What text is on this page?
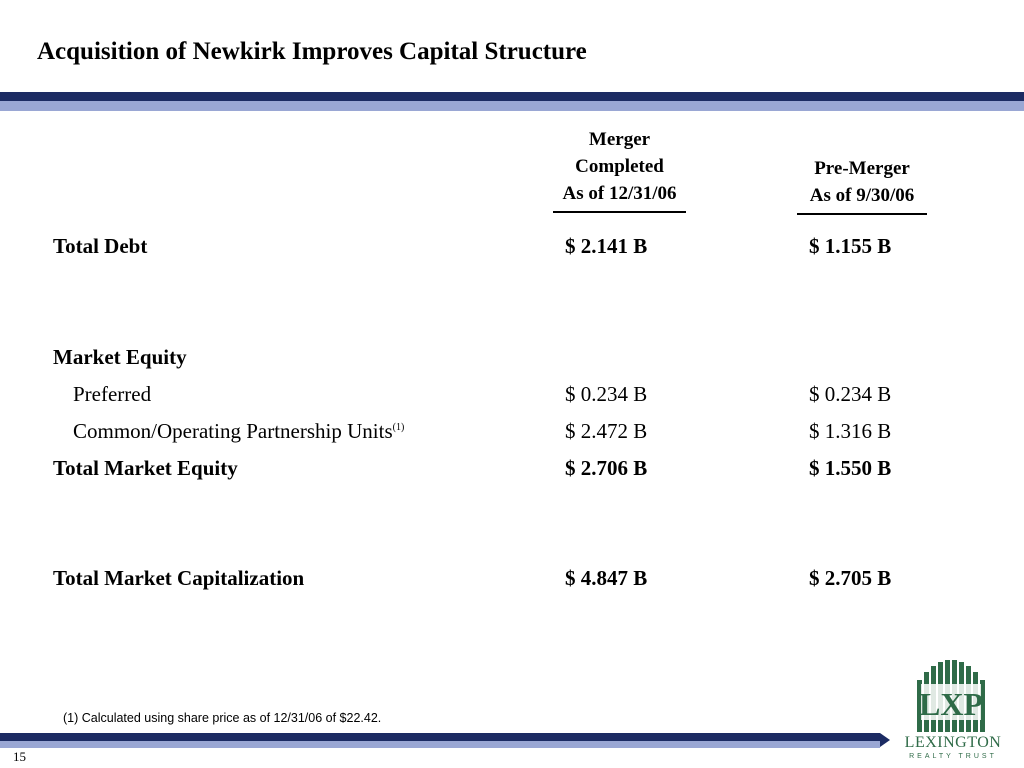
Acquisition of Newkirk Improves Capital Structure
Merger
Completed
As of 12/31/06
Pre-Merger
As of 9/30/06
Total Debt	$ 2.141 B	$ 1.155 B
Market Equity
Preferred	$ 0.234 B	$ 0.234 B
Common/Operating Partnership Units$^{(1)}$	$ 2.472 B	$ 1.316 B
Total Market Equity	$ 2.706 B	$ 1.550 B
Total Market Capitalization	$ 4.847 B	$ 2.705 B
(1) Calculated using share price as of 12/31/06 of $22.42.
15
LXP
LEXINGTON
REALTY TRUST
